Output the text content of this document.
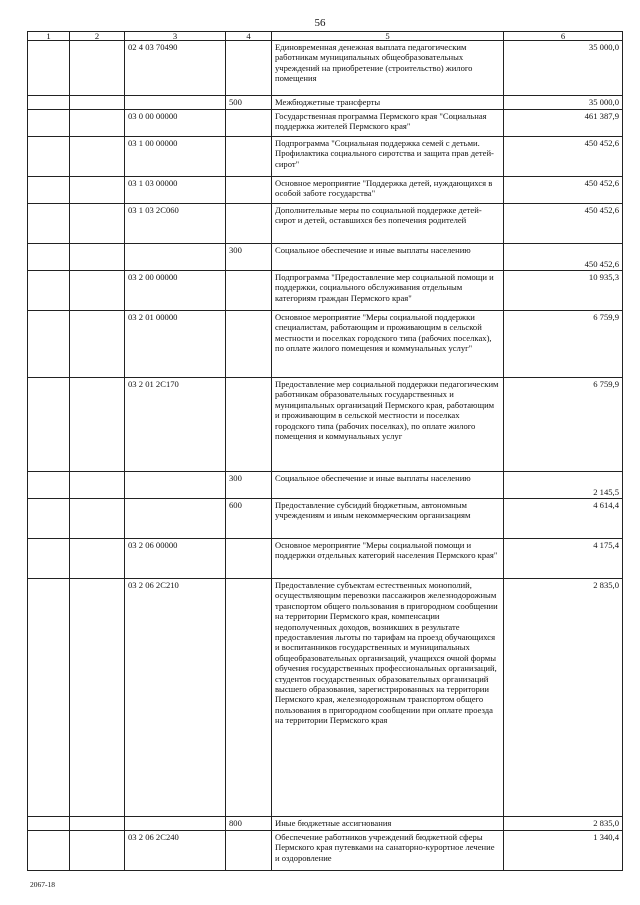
56
1	2	3	4	5	6
		02 4 03 70490		Единовременная денежная выплата педагогическим работникам муниципальных общеобразовательных учреждений на приобретение (строительство) жилого помещения	35 000,0
			500	Межбюджетные трансферты	35 000,0
		03 0 00 00000		Государственная программа Пермского края "Социальная поддержка жителей Пермского края"	461 387,9
		03 1 00 00000		Подпрограмма "Социальная поддержка семей с детьми. Профилактика социального сиротства и защита прав детей-сирот"	450 452,6
		03 1 03 00000		Основное мероприятие "Поддержка детей, нуждающихся в особой заботе государства"	450 452,6
		03 1 03 2С060		Дополнительные меры по социальной поддержке детей-сирот и детей, оставшихся без попечения родителей	450 452,6
			300	Социальное обеспечение и иные выплаты населению	450 452,6
		03 2 00 00000		Подпрограмма "Предоставление мер социальной помощи и поддержки, социального обслуживания отдельным категориям граждан Пермского края"	10 935,3
		03 2 01 00000		Основное мероприятие "Меры социальной поддержки специалистам, работающим и проживающим в сельской местности и поселках городского типа (рабочих поселках), по оплате жилого помещения и коммунальных услуг"	6 759,9
		03 2 01 2С170		Предоставление мер социальной поддержки педагогическим работникам образовательных государственных и муниципальных организаций Пермского края, работающим и проживающим в сельской местности и поселках городского типа (рабочих поселках), по оплате жилого помещения и коммунальных услуг	6 759,9
			300	Социальное обеспечение и иные выплаты населению	2 145,5
			600	Предоставление субсидий бюджетным, автономным учреждениям и иным некоммерческим организациям	4 614,4
		03 2 06 00000		Основное мероприятие "Меры социальной помощи и поддержки отдельных категорий населения Пермского края"	4 175,4
		03 2 06 2С210		Предоставление субъектам естественных монополий, осуществляющим перевозки пассажиров железнодорожным транспортом общего пользования в пригородном сообщении на территории Пермского края, компенсации недополученных доходов, возникших в результате предоставления льготы по тарифам на проезд обучающихся и воспитанников государственных и муниципальных общеобразовательных организаций, учащихся очной формы обучения государственных профессиональных организаций, студентов государственных образовательных организаций высшего образования, зарегистрированных на территории Пермского края, железнодорожным транспортом общего пользования в пригородном сообщении при оплате проезда на территории Пермского края	2 835,0
			800	Иные бюджетные ассигнования	2 835,0
		03 2 06 2С240		Обеспечение работников учреждений бюджетной сферы Пермского края путевками на санаторно-курортное лечение и оздоровление	1 340,4
2067-18
